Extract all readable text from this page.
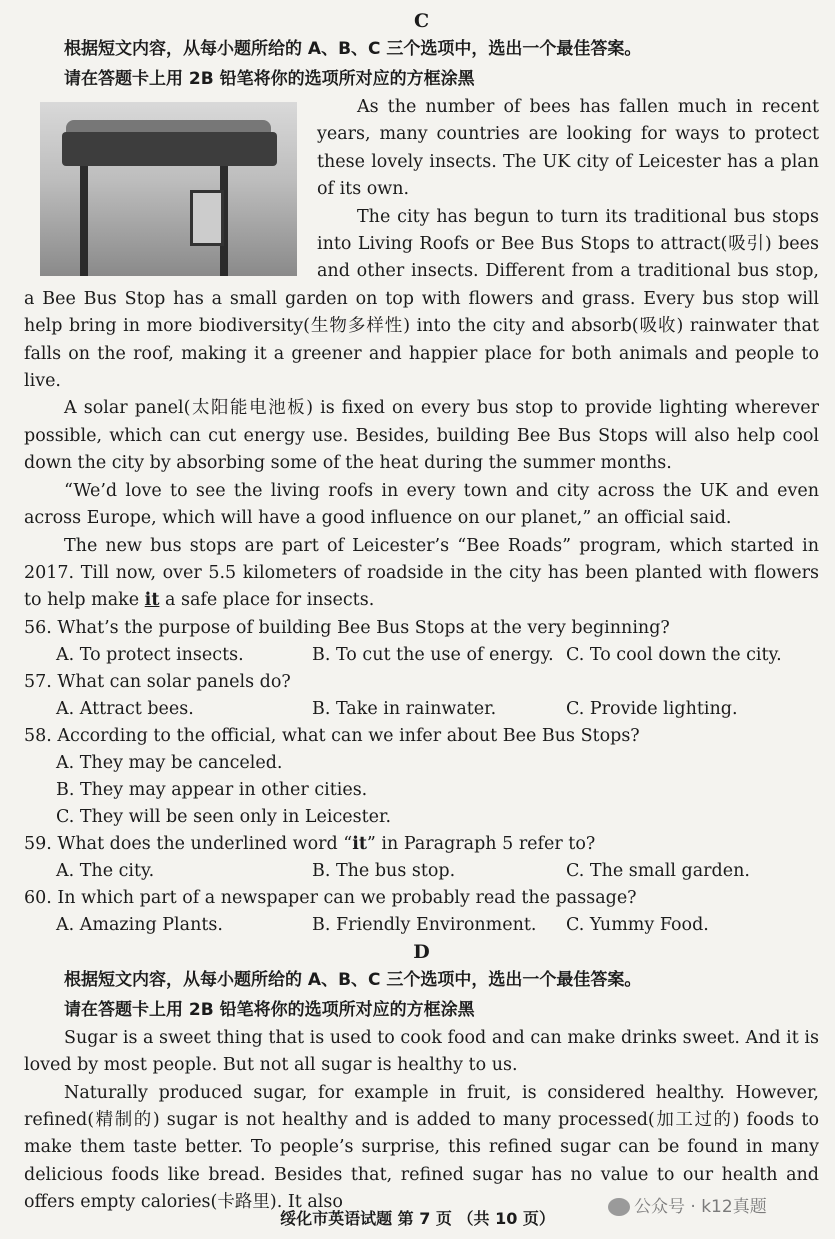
C
根据短文内容，从每小题所给的 A、B、C 三个选项中，选出一个最佳答案。
请在答题卡上用 2B 铅笔将你的选项所对应的方框涂黑

As the number of bees has fallen much in recent years, many countries are looking for ways to protect these lovely insects. The UK city of Leicester has a plan of its own.

The city has begun to turn its traditional bus stops into Living Roofs or Bee Bus Stops to attract(吸引) bees and other insects. Different from a traditional bus stop, a Bee Bus Stop has a small garden on top with flowers and grass. Every bus stop will help bring in more biodiversity(生物多样性) into the city and absorb(吸收) rainwater that falls on the roof, making it a greener and happier place for both animals and people to live.

A solar panel(太阳能电池板) is fixed on every bus stop to provide lighting wherever possible, which can cut energy use. Besides, building Bee Bus Stops will also help cool down the city by absorbing some of the heat during the summer months.

“We’d love to see the living roofs in every town and city across the UK and even across Europe, which will have a good influence on our planet,” an official said.

The new bus stops are part of Leicester’s “Bee Roads” program, which started in 2017. Till now, over 5.5 kilometers of roadside in the city has been planted with flowers to help make it a safe place for insects.

56. What’s the purpose of building Bee Bus Stops at the very beginning?

A. To protect insects.	B. To cut the use of energy. C. To cool down the city.

57. What can solar panels do?

A. Attract bees.	B. Take in rainwater.	C. Provide lighting.

58. According to the official, what can we infer about Bee Bus Stops?

A. They may be canceled.
B. They may appear in other cities.
C. They will be seen only in Leicester.

59. What does the underlined word “it” in Paragraph 5 refer to?

A. The city.	B. The bus stop.	C. The small garden.

60. In which part of a newspaper can we probably read the passage?

A. Amazing Plants.	B. Friendly Environment.	C. Yummy Food.
D
根据短文内容，从每小题所给的 A、B、C 三个选项中，选出一个最佳答案。
请在答题卡上用 2B 铅笔将你的选项所对应的方框涂黑

Sugar is a sweet thing that is used to cook food and can make drinks sweet. And it is loved by most people. But not all sugar is healthy to us.

Naturally produced sugar, for example in fruit, is considered healthy. However, refined(精制的) sugar is not healthy and is added to many processed(加工过的) foods to make them taste better. To people’s surprise, this refined sugar can be found in many delicious foods like bread. Besides that, refined sugar has no value to our health and offers empty calories(卡路里). It also

绥化市英语试题 第 7 页 （共 10 页）
公众号 · k12真题
